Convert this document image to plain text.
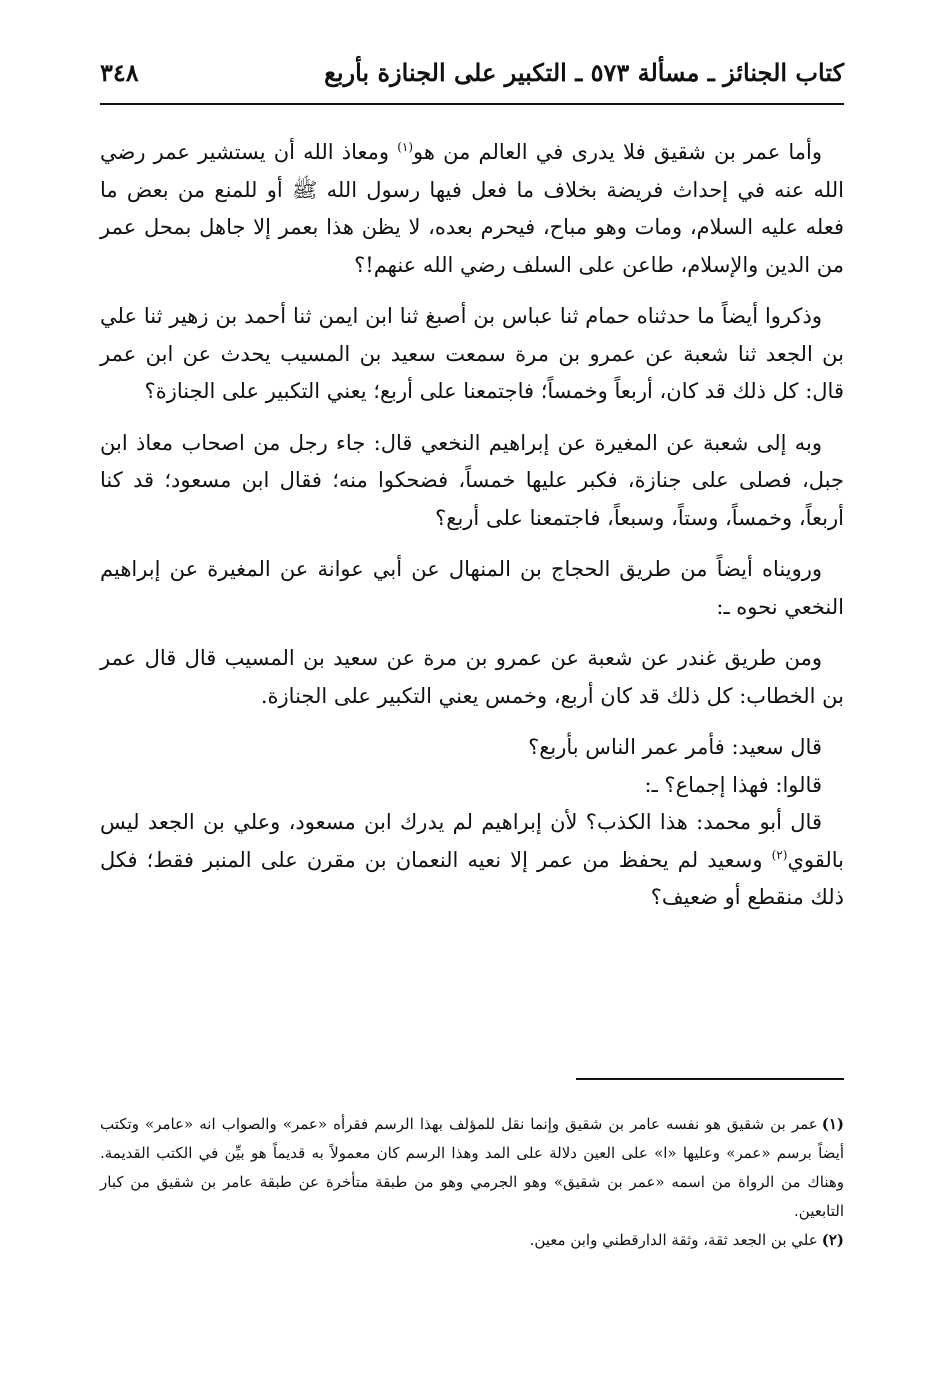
كتاب الجنائز ـ مسألة ٥٧٣ ـ التكبير على الجنازة بأربع
٣٤٨

وأما عمر بن شقيق فلا يدرى في العالم من هو$^{(١)}$ ومعاذ الله أن يستشير عمر رضي الله عنه في إحداث فريضة بخلاف ما فعل فيها رسول الله ﷺ أو للمنع من بعض ما فعله عليه السلام، ومات وهو مباح، فيحرم بعده، لا يظن هذا بعمر إلا جاهل بمحل عمر من الدين والإسلام، طاعن على السلف رضي الله عنهم!؟

وذكروا أيضاً ما حدثناه حمام ثنا عباس بن أصبغ ثنا ابن ايمن ثنا أحمد بن زهير ثنا علي بن الجعد ثنا شعبة عن عمرو بن مرة سمعت سعيد بن المسيب يحدث عن ابن عمر قال: كل ذلك قد كان، أربعاً وخمساً؛ فاجتمعنا على أربع؛ يعني التكبير على الجنازة؟

وبه إلى شعبة عن المغيرة عن إبراهيم النخعي قال: جاء رجل من اصحاب معاذ ابن جبل، فصلى على جنازة، فكبر عليها خمساً، فضحكوا منه؛ فقال ابن مسعود؛ قد كنا أربعاً، وخمساً، وستاً، وسبعاً، فاجتمعنا على أربع؟

ورويناه أيضاً من طريق الحجاج بن المنهال عن أبي عوانة عن المغيرة عن إبراهيم النخعي نحوه ـ:

ومن طريق غندر عن شعبة عن عمرو بن مرة عن سعيد بن المسيب قال قال عمر بن الخطاب: كل ذلك قد كان أربع، وخمس يعني التكبير على الجنازة.

قال سعيد: فأمر عمر الناس بأربع؟

قالوا: فهذا إجماع؟ ـ:

قال أبو محمد: هذا الكذب؟ لأن إبراهيم لم يدرك ابن مسعود، وعلي بن الجعد ليس بالقوي$^{(٢)}$ وسعيد لم يحفظ من عمر إلا نعيه النعمان بن مقرن على المنبر فقط؛ فكل ذلك منقطع أو ضعيف؟

(١)عمر بن شقيق هو نفسه عامر بن شقيق وإنما نقل للمؤلف بهذا الرسم فقرأه «عمر» والصواب انه «عامر» وتكتب أيضاً برسم «عمر» وعليها «ا» على العين دلالة على المد وهذا الرسم كان معمولاً به قديماً هو بيِّن في الكتب القديمة. وهناك من الرواة من اسمه «عمر بن شقيق» وهو الجرمي وهو من طبقة متأخرة عن طبقة عامر بن شقيق من كبار التابعين.

(٢)علي بن الجعد ثقة، وثقة الدارقطني وابن معين.
